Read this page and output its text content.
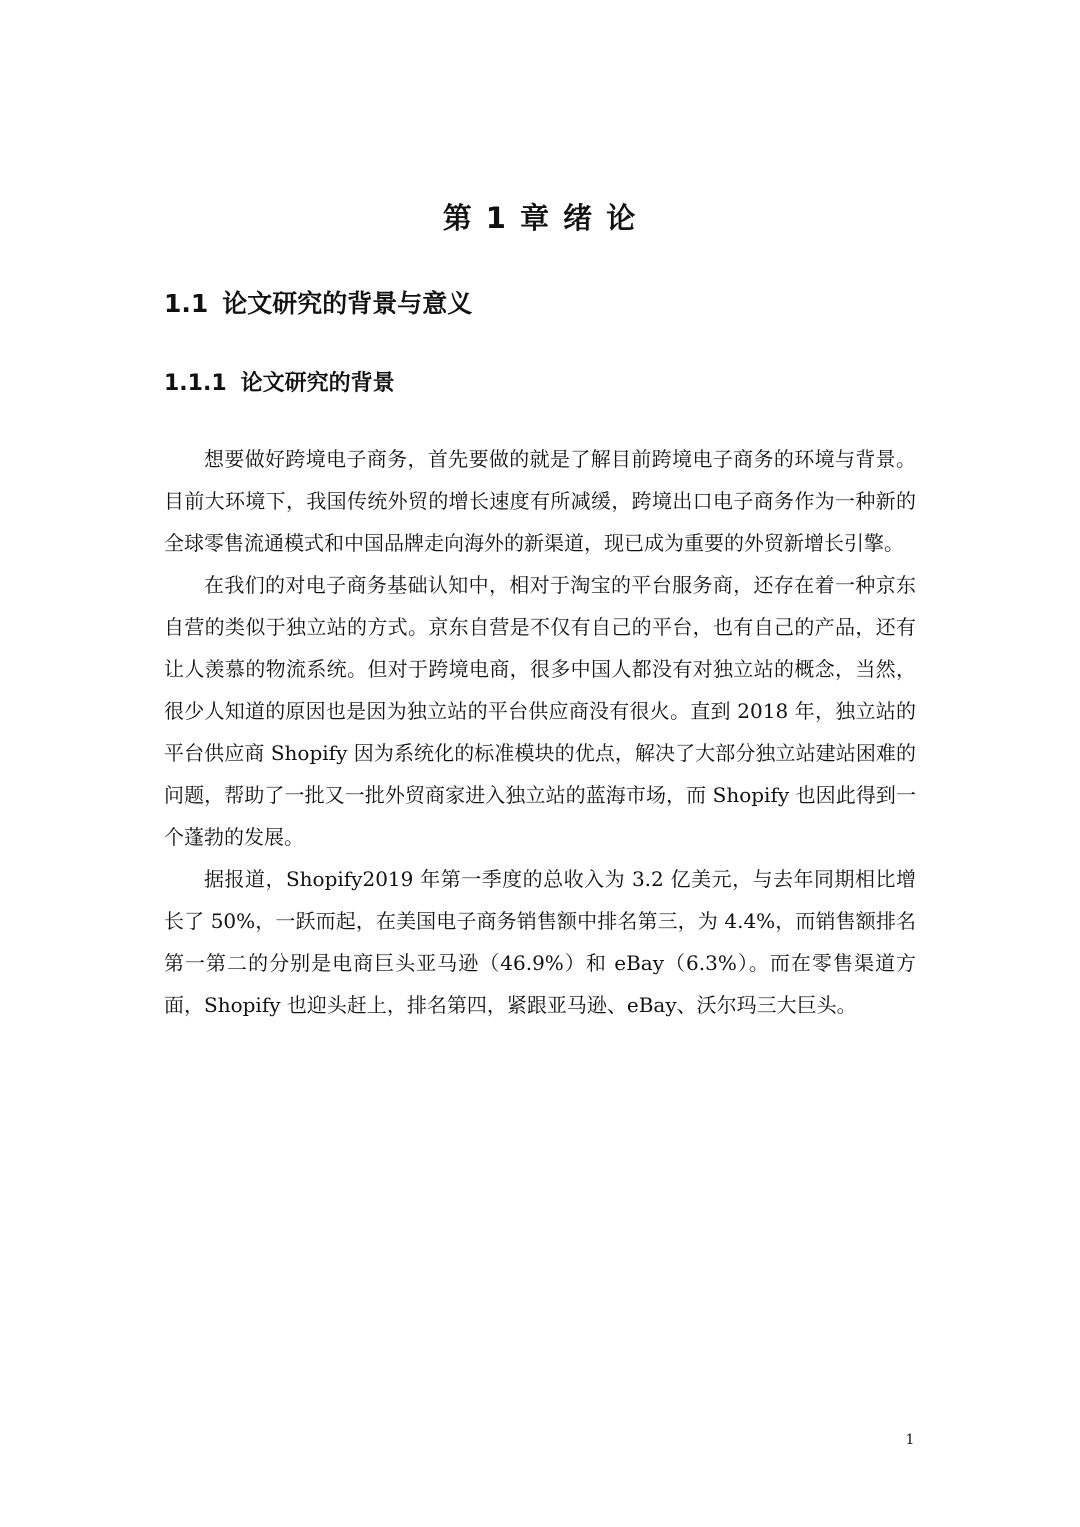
第 1 章 绪 论
1.1 论文研究的背景与意义
1.1.1 论文研究的背景

想要做好跨境电子商务，首先要做的就是了解目前跨境电子商务的环境与背景。目前大环境下，我国传统外贸的增长速度有所减缓，跨境出口电子商务作为一种新的全球零售流通模式和中国品牌走向海外的新渠道，现已成为重要的外贸新增长引擎。

在我们的对电子商务基础认知中，相对于淘宝的平台服务商，还存在着一种京东自营的类似于独立站的方式。京东自营是不仅有自己的平台，也有自己的产品，还有让人羡慕的物流系统。但对于跨境电商，很多中国人都没有对独立站的概念，当然，很少人知道的原因也是因为独立站的平台供应商没有很火。直到 2018 年，独立站的平台供应商 Shopify 因为系统化的标准模块的优点，解决了大部分独立站建站困难的问题，帮助了一批又一批外贸商家进入独立站的蓝海市场，而 Shopify 也因此得到一个蓬勃的发展。

据报道，Shopify2019 年第一季度的总收入为 3.2 亿美元，与去年同期相比增长了 50%，一跃而起，在美国电子商务销售额中排名第三，为 4.4%，而销售额排名第一第二的分别是电商巨头亚马逊（46.9%）和 eBay（6.3%）。而在零售渠道方面，Shopify 也迎头赶上，排名第四，紧跟亚马逊、eBay、沃尔玛三大巨头。

1
